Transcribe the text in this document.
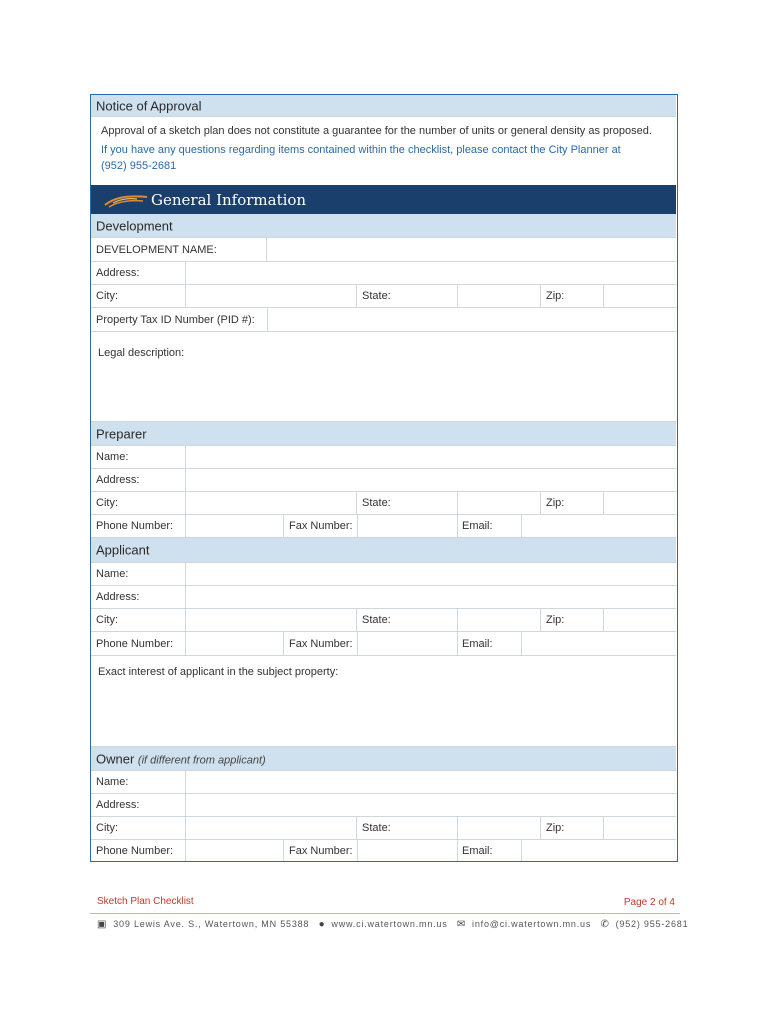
Notice of Approval
Approval of a sketch plan does not constitute a guarantee for the number of units or general density as proposed.
If you have any questions regarding items contained within the checklist, please contact the City Planner at
(952) 955-2681
General Information
Development
DEVELOPMENT NAME:
Address:
City:	State:	Zip:
Property Tax ID Number (PID #):
Legal description:
Preparer
Name:
Address:
City:	State:	Zip:
Phone Number:	Fax Number:	Email:
Applicant
Name:
Address:
City:	State:	Zip:
Phone Number:	Fax Number:	Email:
Exact interest of applicant in the subject property:
Owner (if different from applicant)
Name:
Address:
City:	State:	Zip:
Phone Number:	Fax Number:	Email:
Sketch Plan Checklist	Page 2 of 4
▣ 309 Lewis Ave. S., Watertown, MN 55388 ● www.ci.watertown.mn.us ✉ info@ci.watertown.mn.us ✆ (952) 955-2681
